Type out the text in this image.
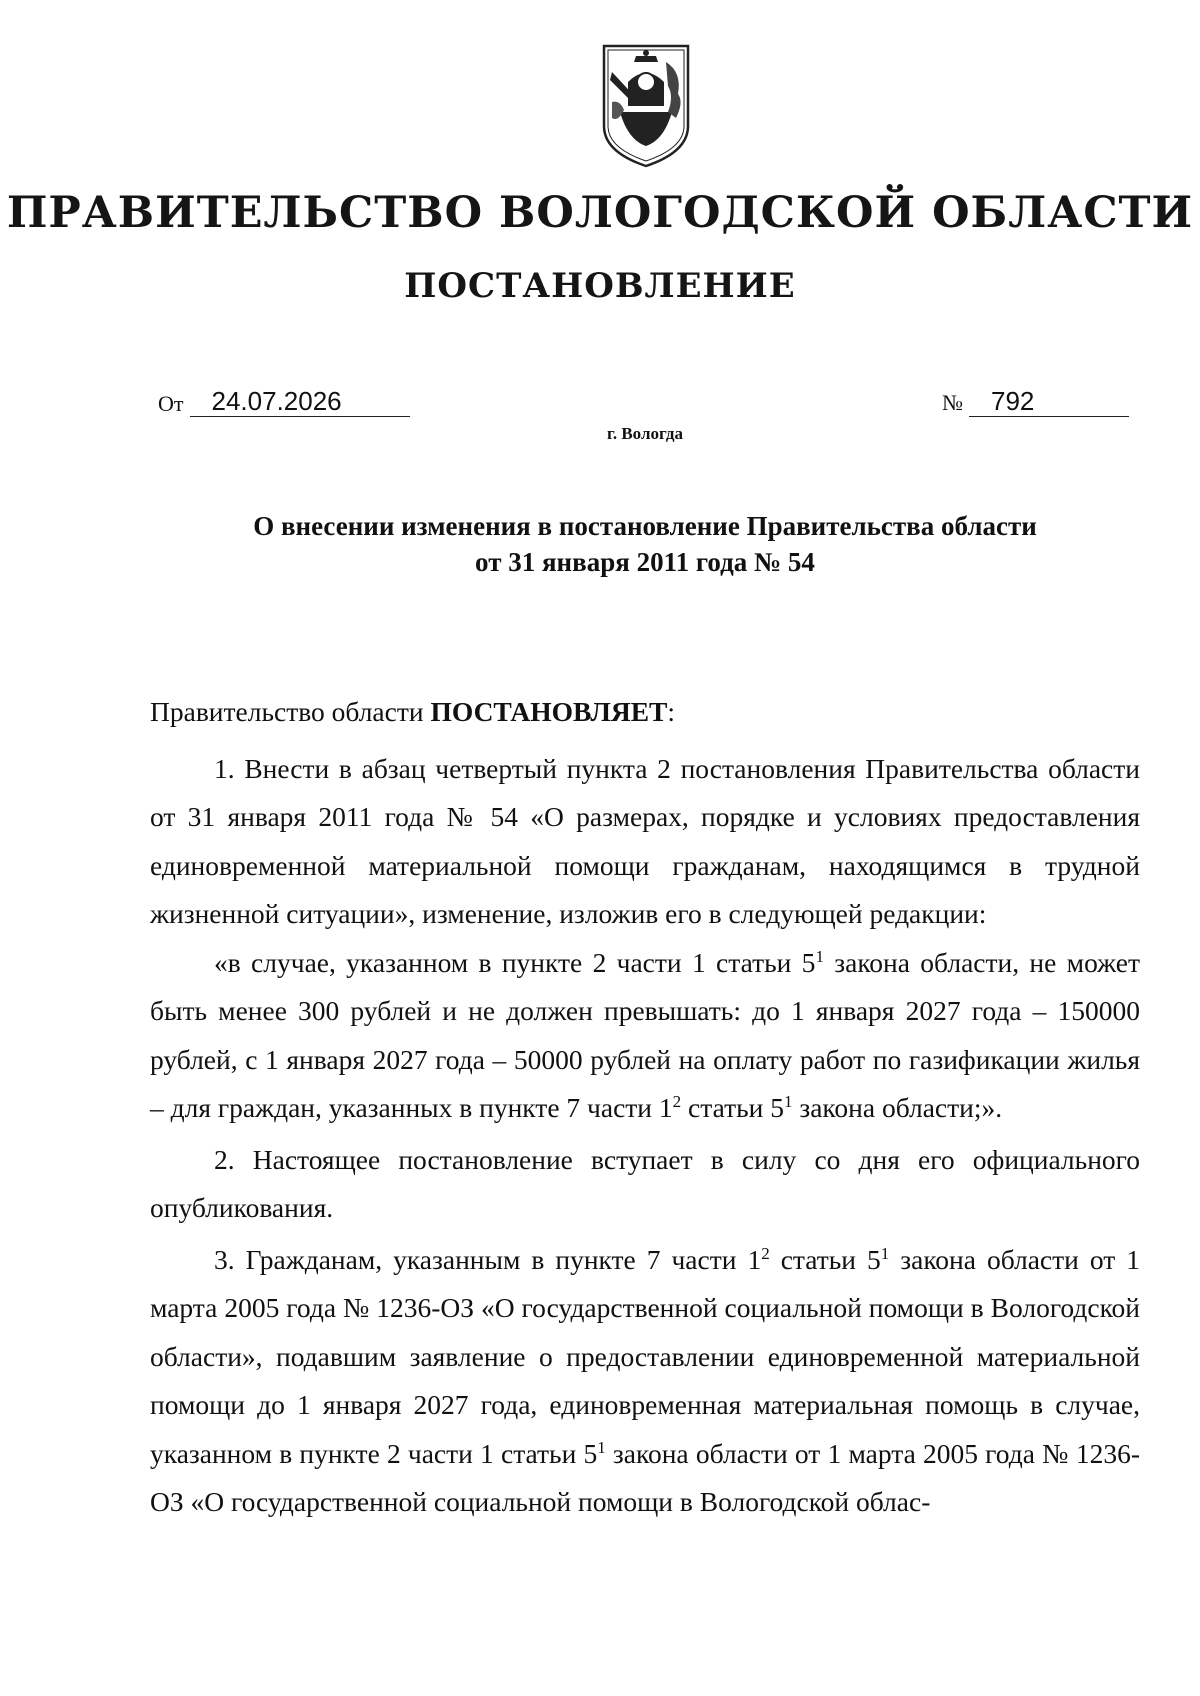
ПРАВИТЕЛЬСТВО ВОЛОГОДСКОЙ ОБЛАСТИ
ПОСТАНОВЛЕНИЕ
От 24.07.2026	№ 792
г. Вологда
О внесении изменения в постановление Правительства области
от 31 января 2011 года № 54

Правительство области ПОСТАНОВЛЯЕТ:

1. Внести в абзац четвертый пункта 2 постановления Правительства области от 31 января 2011 года № 54 «О размерах, порядке и условиях предоставления единовременной материальной помощи гражданам, находящимся в трудной жизненной ситуации», изменение, изложив его в следующей редакции:

«в случае, указанном в пункте 2 части 1 статьи $5^1$ закона области, не может быть менее 300 рублей и не должен превышать: до 1 января 2027 года – 150000 рублей, с 1 января 2027 года – 50000 рублей на оплату работ по газификации жилья – для граждан, указанных в пункте 7 части $1^2$ статьи $5^1$ закона области;».

2. Настоящее постановление вступает в силу со дня его официального опубликования.

3. Гражданам, указанным в пункте 7 части $1^2$ статьи $5^1$ закона области от 1 марта 2005 года № 1236-ОЗ «О государственной социальной помощи в Вологодской области», подавшим заявление о предоставлении единовременной материальной помощи до 1 января 2027 года, единовременная материальная помощь в случае, указанном в пункте 2 части 1 статьи $5^1$ закона области от 1 марта 2005 года № 1236-ОЗ «О государственной социальной помощи в Вологодской облас-
